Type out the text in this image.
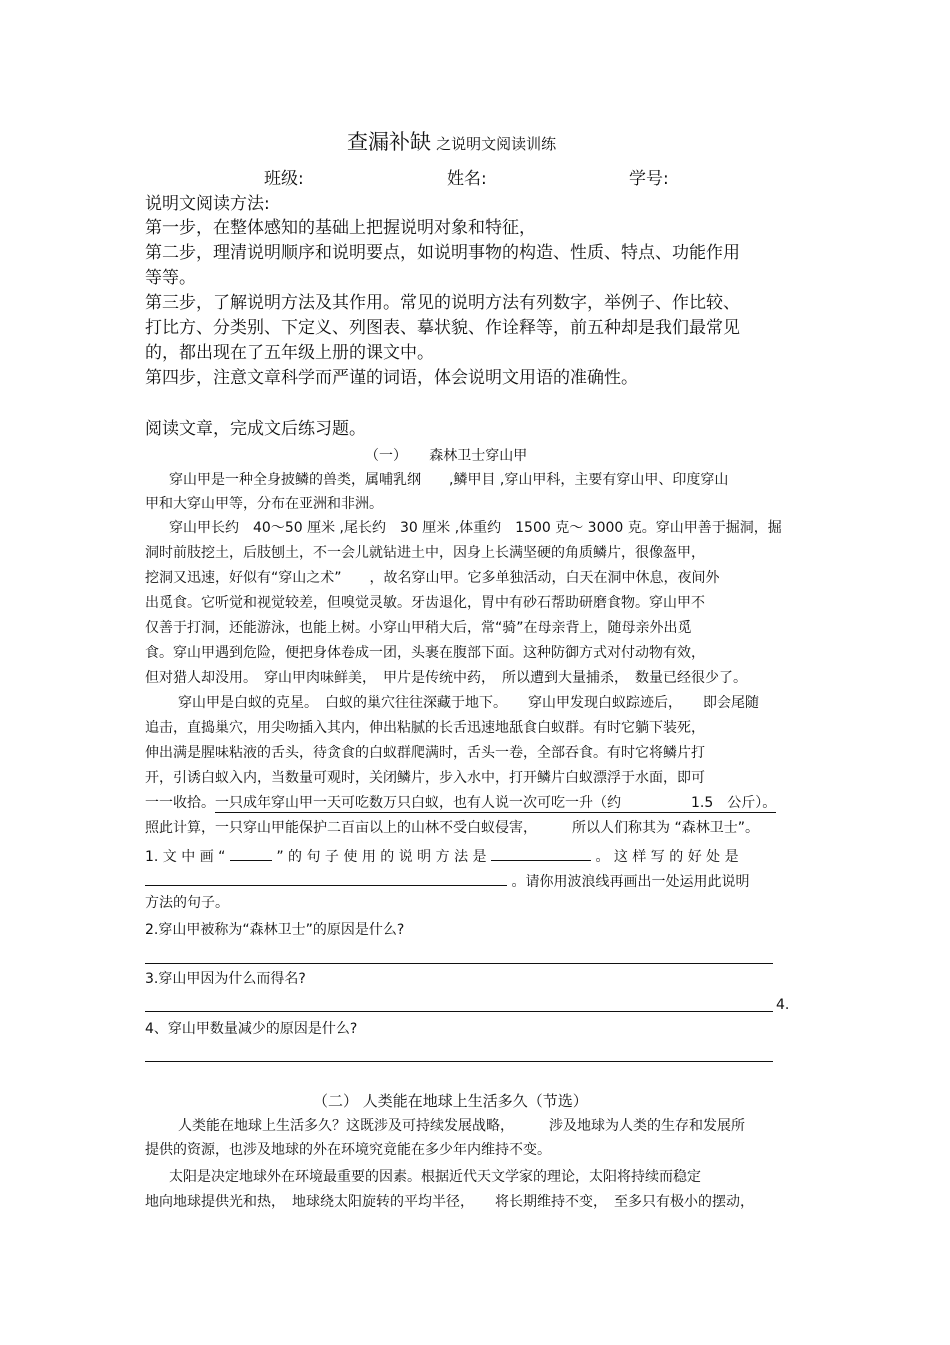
查漏补缺 之说明文阅读训练
班级:	姓名:	学号:
说明文阅读方法:
第一步，在整体感知的基础上把握说明对象和特征，
第二步，理清说明顺序和说明要点，如说明事物的构造、性质、特点、功能作用
等等。
第三步，了解说明方法及其作用。常见的说明方法有列数字，举例子、作比较、
打比方、分类别、下定义、列图表、摹状貌、作诠释等，前五种却是我们最常见
的，都出现在了五年级上册的课文中。
第四步，注意文章科学而严谨的词语，体会说明文用语的准确性。
阅读文章，完成文后练习题。
（一） 森林卫士穿山甲
穿山甲是一种全身披鳞的兽类，属哺乳纲　　,鳞甲目 ,穿山甲科，主要有穿山甲、印度穿山
甲和大穿山甲等，分布在亚洲和非洲。
穿山甲长约　40～50 厘米 ,尾长约　30 厘米 ,体重约　1500 克～ 3000 克。穿山甲善于掘洞，掘
洞时前肢挖土，后肢刨土，不一会儿就钻进土中，因身上长满坚硬的角质鳞片，很像盔甲，
挖洞又迅速，好似有“穿山之术”　　，故名穿山甲。它多单独活动，白天在洞中休息，夜间外
出觅食。它听觉和视觉较差，但嗅觉灵敏。牙齿退化，胃中有砂石帮助研磨食物。穿山甲不
仅善于打洞，还能游泳，也能上树。小穿山甲稍大后，常“骑”在母亲背上，随母亲外出觅
食。穿山甲遇到危险，便把身体卷成一团，头裹在腹部下面。这种防御方式对付动物有效，
但对猎人却没用。　穿山甲肉味鲜美，　甲片是传统中药，　所以遭到大量捕杀，　数量已经很少了。
穿山甲是白蚁的克星。　白蚁的巢穴往往深藏于地下。　　穿山甲发现白蚁踪迹后，　　即会尾随
追击，直捣巢穴，用尖吻插入其内，伸出粘腻的长舌迅速地舐食白蚁群。有时它躺下装死，
伸出满是腥味粘液的舌头，待贪食的白蚁群爬满时，舌头一卷，全部吞食。有时它将鳞片打
开，引诱白蚁入内，当数量可观时，关闭鳞片，步入水中，打开鳞片白蚁漂浮于水面，即可
一一收拾。一只成年穿山甲一天可吃数万只白蚁，也有人说一次可吃一升（约　　　　　1.5　公斤）。
照此计算，一只穿山甲能保护二百亩以上的山林不受白蚁侵害，　　　所以人们称其为 “森林卫士”。
1. 文 中 画 “	” 的 句 子 使 用 的 说 明 方 法 是	。 这 样 写 的 好 处 是
。请你用波浪线再画出一处运用此说明
方法的句子。
2.穿山甲被称为“森林卫士”的原因是什么?
3.穿山甲因为什么而得名?
4.
4、穿山甲数量减少的原因是什么?
（二） 人类能在地球上生活多久（节选）
人类能在地球上生活多久？这既涉及可持续发展战略，　　　涉及地球为人类的生存和发展所
提供的资源，也涉及地球的外在环境究竟能在多少年内维持不变。
太阳是决定地球外在环境最重要的因素。根据近代天文学家的理论，太阳将持续而稳定
地向地球提供光和热，　地球绕太阳旋转的平均半径，　　将长期维持不变，　至多只有极小的摆动，
